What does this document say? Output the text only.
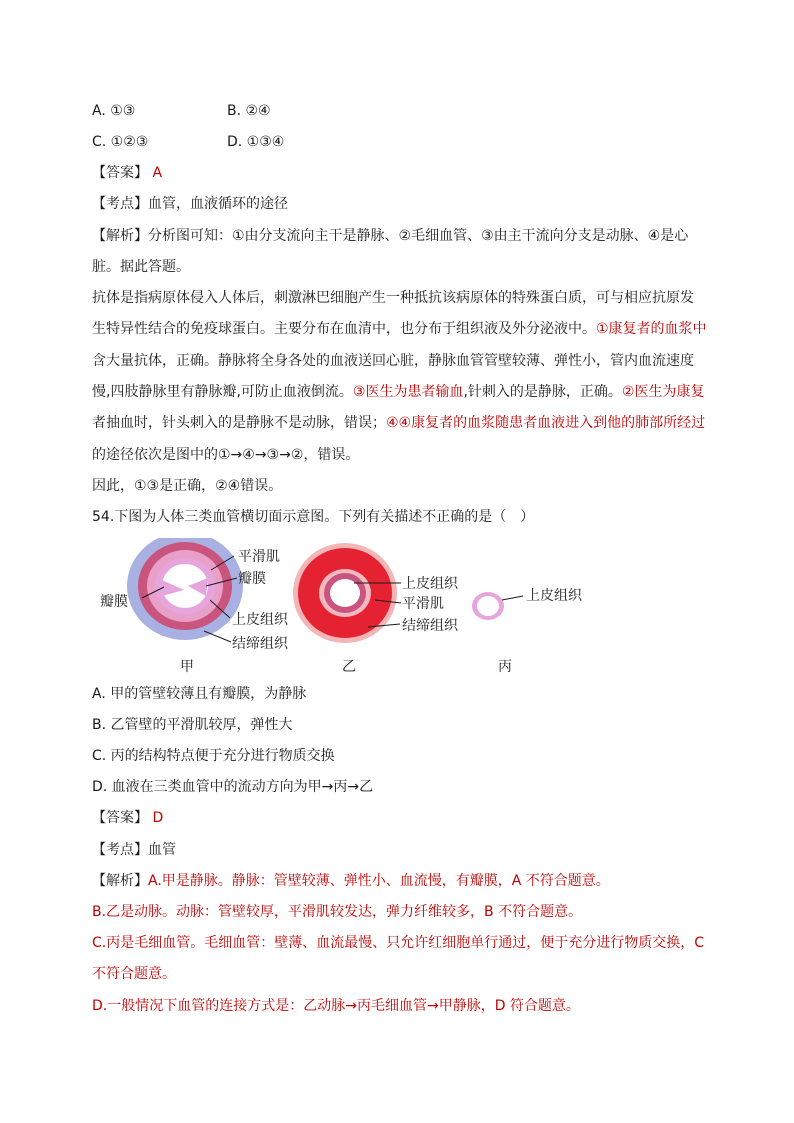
A. ①③	B. ②④
C. ①②③	D. ①③④
【答案】 A
【考点】血管，血液循环的途径
【解析】分析图可知：①由分支流向主干是静脉、②毛细血管、③由主干流向分支是动脉、④是心
脏。据此答题。
抗体是指病原体侵入人体后，刺激淋巴细胞产生一种抵抗该病原体的特殊蛋白质，可与相应抗原发
生特异性结合的免疫球蛋白。主要分布在血清中，也分布于组织液及外分泌液中。①康复者的血浆中
含大量抗体，正确。静脉将全身各处的血液送回心脏，静脉血管管壁较薄、弹性小，管内血流速度
慢,四肢静脉里有静脉瓣,可防止血液倒流。③医生为患者输血,针刺入的是静脉，正确。②医生为康复
者抽血时，针头刺入的是静脉不是动脉，错误；④④康复者的血浆随患者血液进入到他的肺部所经过
的途径依次是图中的①→④→③→②，错误。
因此，①③是正确，②④错误。
54.下图为人体三类血管横切面示意图。下列有关描述不正确的是（　）
平滑肌
瓣膜
瓣膜
上皮组织
结缔组织
甲
上皮组织
平滑肌
结缔组织
乙
上皮组织
丙
A. 甲的管壁较薄且有瓣膜，为静脉
B. 乙管壁的平滑肌较厚，弹性大
C. 丙的结构特点便于充分进行物质交换
D. 血液在三类血管中的流动方向为甲→丙→乙
【答案】 D
【考点】血管
【解析】A.甲是静脉。静脉：管壁较薄、弹性小、血流慢，有瓣膜，A 不符合题意。
B.乙是动脉。动脉：管壁较厚，平滑肌较发达，弹力纤维较多，B 不符合题意。
C.丙是毛细血管。毛细血管：壁薄、血流最慢、只允许红细胞单行通过，便于充分进行物质交换，C
不符合题意。
D.一般情况下血管的连接方式是：乙动脉→丙毛细血管→甲静脉，D 符合题意。
